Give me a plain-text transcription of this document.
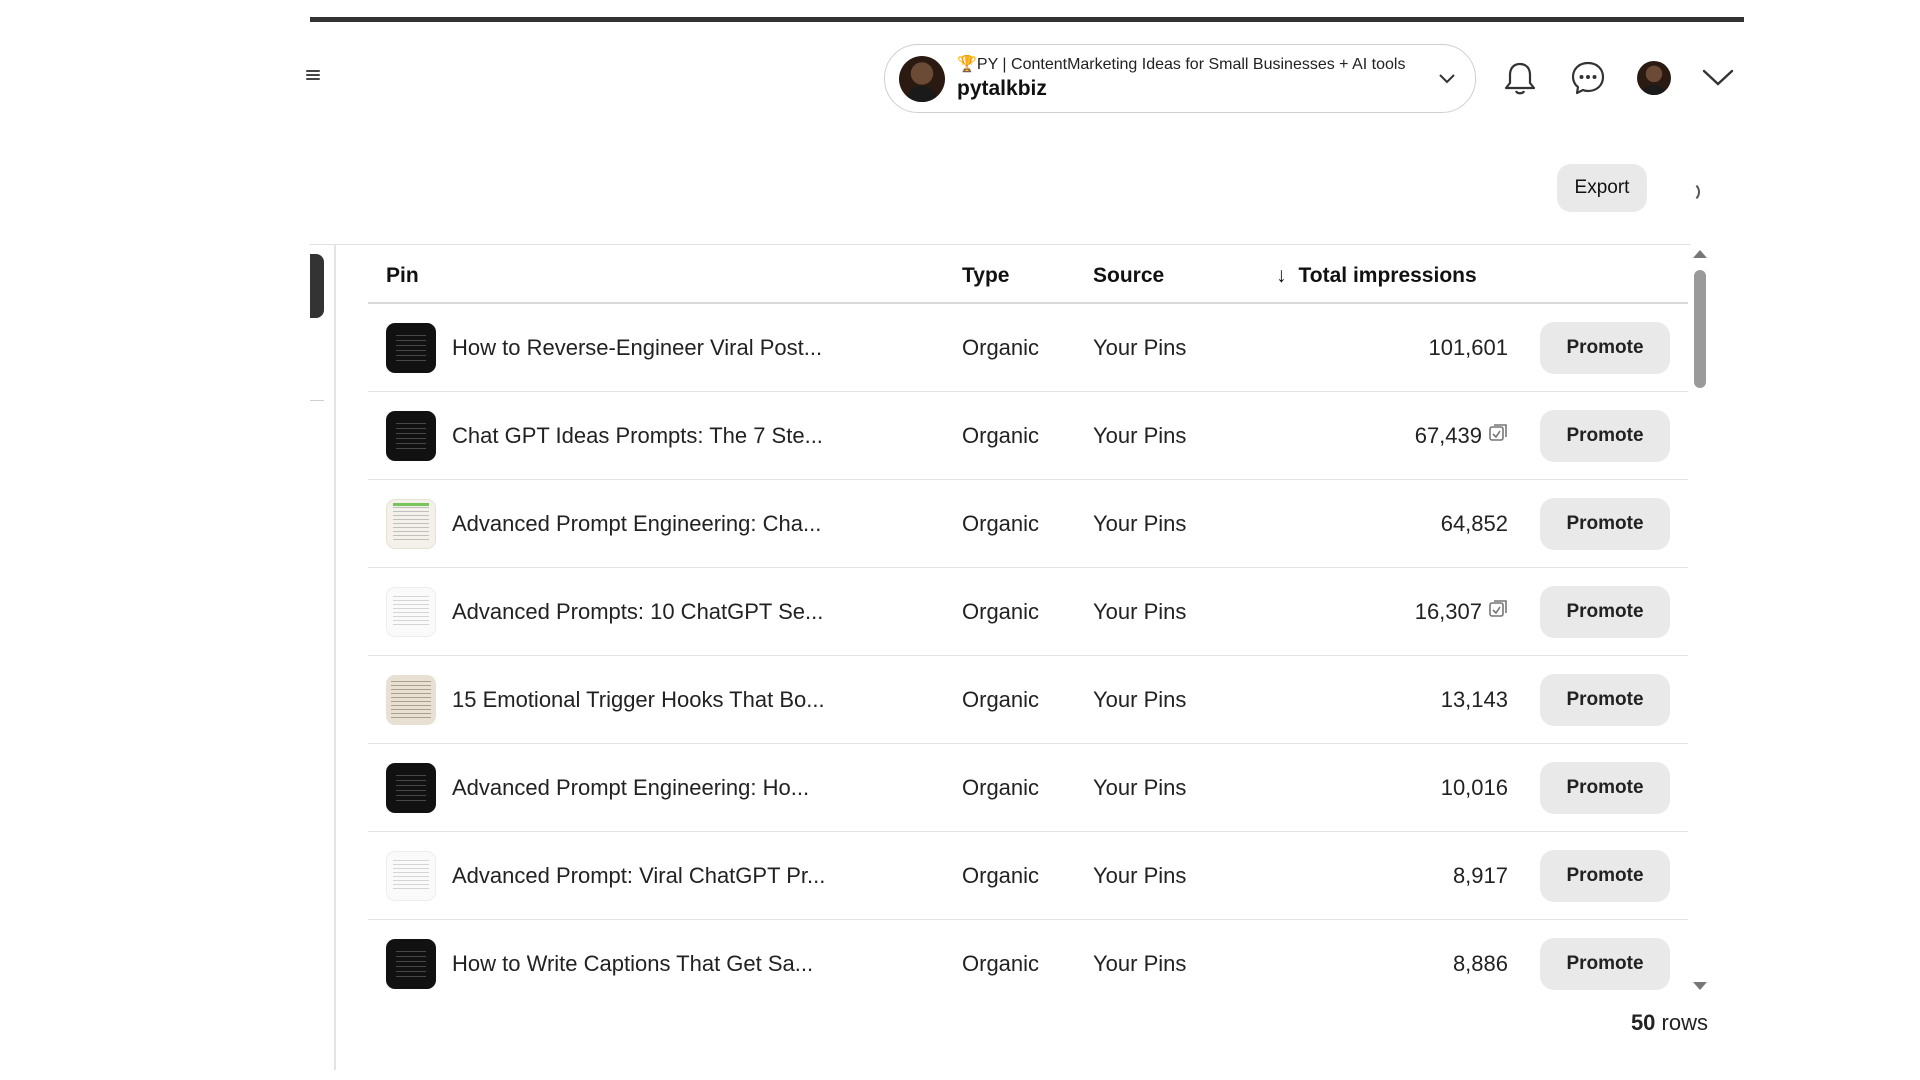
🏆PY | ContentMarketing Ideas for Small Businesses + AI tools
pytalkbiz
Export
Pin	Type	Source	↓ Total impressions
How to Reverse-Engineer Viral Post...	Organic Your Pins	101,601	Promote
Chat GPT Ideas Prompts: The 7 Ste...	Organic Your Pins	67,439	Promote
Advanced Prompt Engineering: Cha...	Organic Your Pins	64,852	Promote
Advanced Prompts: 10 ChatGPT Se...	Organic Your Pins	16,307	Promote
15 Emotional Trigger Hooks That Bo...	Organic Your Pins	13,143	Promote
Advanced Prompt Engineering: Ho...	Organic Your Pins	10,016	Promote
Advanced Prompt: Viral ChatGPT Pr...	Organic Your Pins	8,917	Promote
How to Write Captions That Get Sa...	Organic Your Pins	8,886	Promote
50 rows
